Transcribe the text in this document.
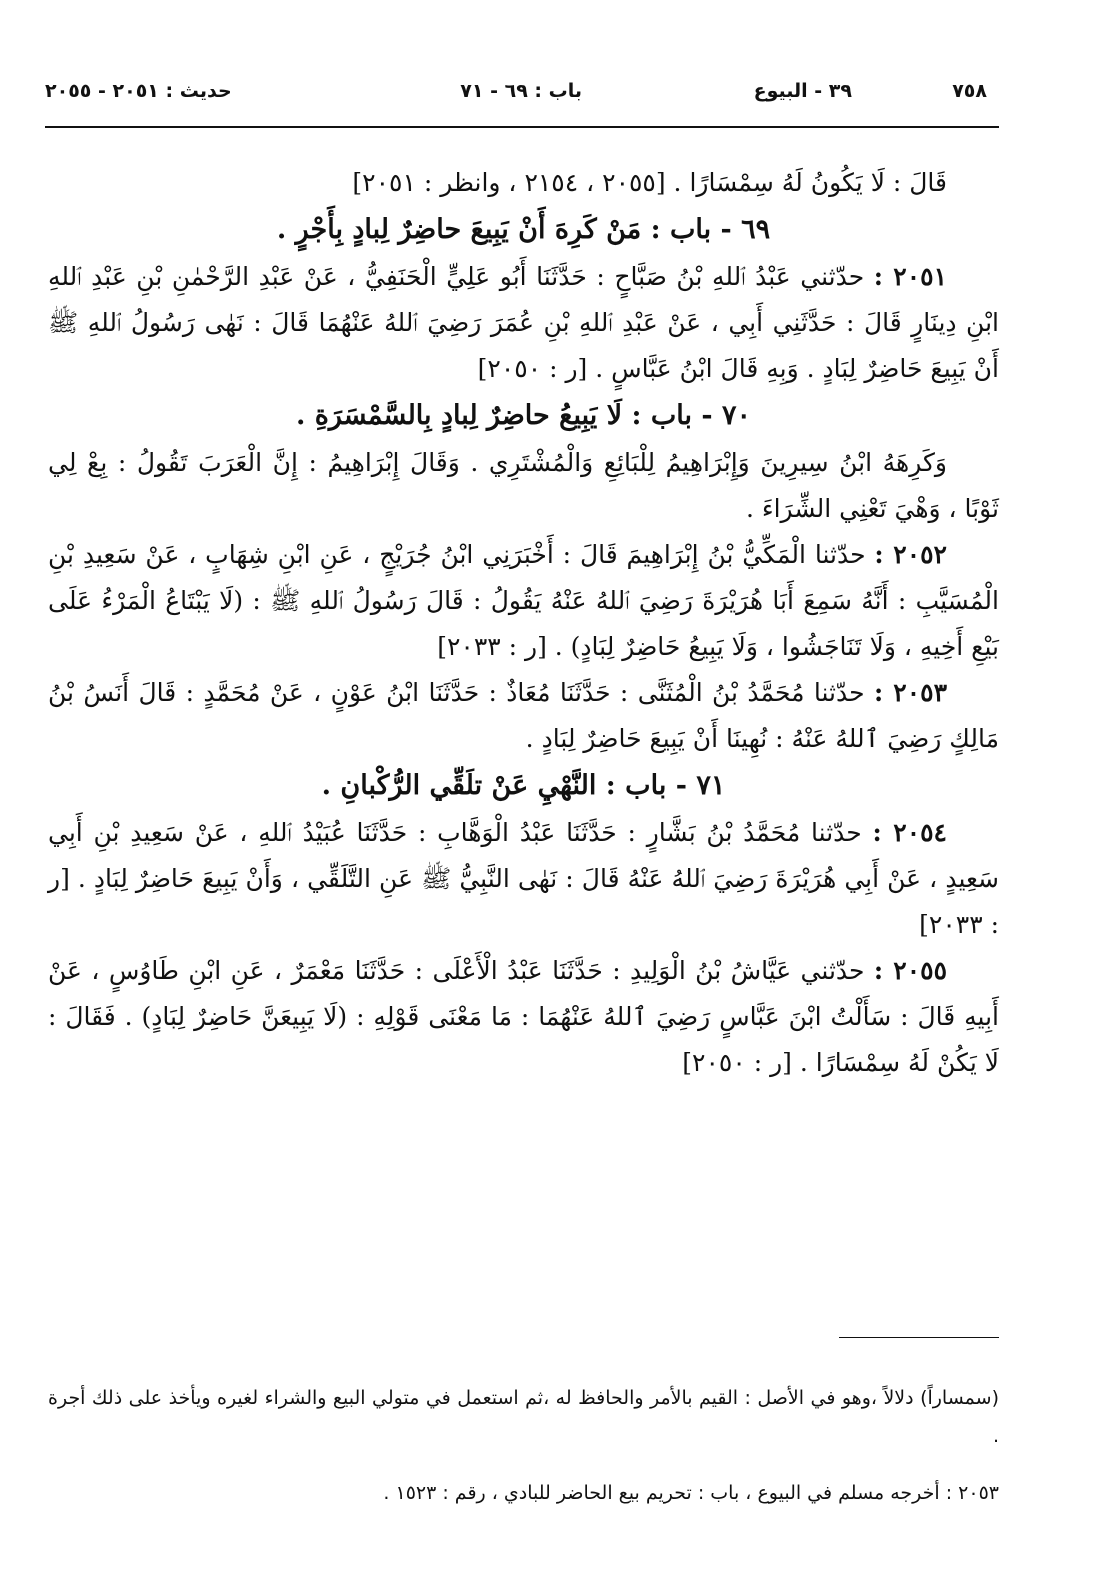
٧٥٨
٣٩ - البيوع
باب : ٦٩ - ٧١
حديث : ٢٠٥١ - ٢٠٥٥

قَالَ : لَا يَكُونُ لَهُ سِمْسَارًا . [٢٠٥٥ ، ٢١٥٤ ، وانظر : ٢٠٥١]

٦٩ - باب : مَنْ كَرِهَ أَنْ يَبِيعَ حاضِرٌ لِبادٍ بِأَجْرٍ .

٢٠٥١ : حدّثني عَبْدُ ٱللهِ بْنُ صَبَّاحٍ : حَدَّثَنَا أَبُو عَلِيٍّ الْحَنَفِيُّ ، عَنْ عَبْدِ الرَّحْمٰنِ بْنِ عَبْدِ ٱللهِ ابْنِ دِينَارٍ قَالَ : حَدَّثَنِي أَبِي ، عَنْ عَبْدِ ٱللهِ بْنِ عُمَرَ رَضِيَ ٱللهُ عَنْهُمَا قَالَ : نَهٰى رَسُولُ ٱللهِ ﷺ أَنْ يَبِيعَ حَاضِرٌ لِبَادٍ . وَبِهِ قَالَ ابْنُ عَبَّاسٍ . [ر : ٢٠٥٠]

٧٠ - باب : لَا يَبِيعُ حاضِرٌ لِبادٍ بِالسَّمْسَرَةِ .

وَكَرِهَهُ ابْنُ سِيرِينَ وَإِبْرَاهِيمُ لِلْبَائِعِ وَالْمُشْتَرِي . وَقَالَ إِبْرَاهِيمُ : إِنَّ الْعَرَبَ تَقُولُ : بِعْ لِي ثَوْبًا ، وَهْيَ تَعْنِي الشِّرَاءَ .

٢٠٥٢ : حدّثنا الْمَكِّيُّ بْنُ إِبْرَاهِيمَ قَالَ : أَخْبَرَنِي ابْنُ جُرَيْجٍ ، عَنِ ابْنِ شِهَابٍ ، عَنْ سَعِيدِ بْنِ الْمُسَيَّبِ : أَنَّهُ سَمِعَ أَبَا هُرَيْرَةَ رَضِيَ ٱللهُ عَنْهُ يَقُولُ : قَالَ رَسُولُ ٱللهِ ﷺ : (لَا يَبْتَاعُ الْمَرْءُ عَلَى بَيْعِ أَخِيهِ ، وَلَا تَنَاجَشُوا ، وَلَا يَبِيعُ حَاضِرٌ لِبَادٍ) . [ر : ٢٠٣٣]

٢٠٥٣ : حدّثنا مُحَمَّدُ بْنُ الْمُثَنَّى : حَدَّثَنَا مُعَاذٌ : حَدَّثَنَا ابْنُ عَوْنٍ ، عَنْ مُحَمَّدٍ : قَالَ أَنَسُ بْنُ مَالِكٍ رَضِيَ ٱللهُ عَنْهُ : نُهِينَا أَنْ يَبِيعَ حَاضِرٌ لِبَادٍ .

٧١ - باب : النَّهْيِ عَنْ تلَقِّي الرُّكْبانِ .

٢٠٥٤ : حدّثنا مُحَمَّدُ بْنُ بَشَّارٍ : حَدَّثَنَا عَبْدُ الْوَهَّابِ : حَدَّثَنَا عُبَيْدُ ٱللهِ ، عَنْ سَعِيدِ بْنِ أَبِي سَعِيدٍ ، عَنْ أَبِي هُرَيْرَةَ رَضِيَ ٱللهُ عَنْهُ قَالَ : نَهٰى النَّبِيُّ ﷺ عَنِ التَّلَقِّي ، وَأَنْ يَبِيعَ حَاضِرٌ لِبَادٍ . [ر : ٢٠٣٣]

٢٠٥٥ : حدّثني عَيَّاشُ بْنُ الْوَلِيدِ : حَدَّثَنَا عَبْدُ الْأَعْلَى : حَدَّثَنَا مَعْمَرٌ ، عَنِ ابْنِ طَاوُسٍ ، عَنْ أَبِيهِ قَالَ : سَأَلْتُ ابْنَ عَبَّاسٍ رَضِيَ ٱللهُ عَنْهُمَا : مَا مَعْنَى قَوْلِهِ : (لَا يَبِيعَنَّ حَاضِرٌ لِبَادٍ) . فَقَالَ : لَا يَكُنْ لَهُ سِمْسَارًا . [ر : ٢٠٥٠]

(سمساراً) دلالاً ،وهو في الأصل : القيم بالأمر والحافظ له ،ثم استعمل في متولي البيع والشراء لغيره ويأخذ على ذلك أجرة .

٢٠٥٣ : أخرجه مسلم في البيوع ، باب : تحريم بيع الحاضر للبادي ، رقم : ١٥٢٣ .
